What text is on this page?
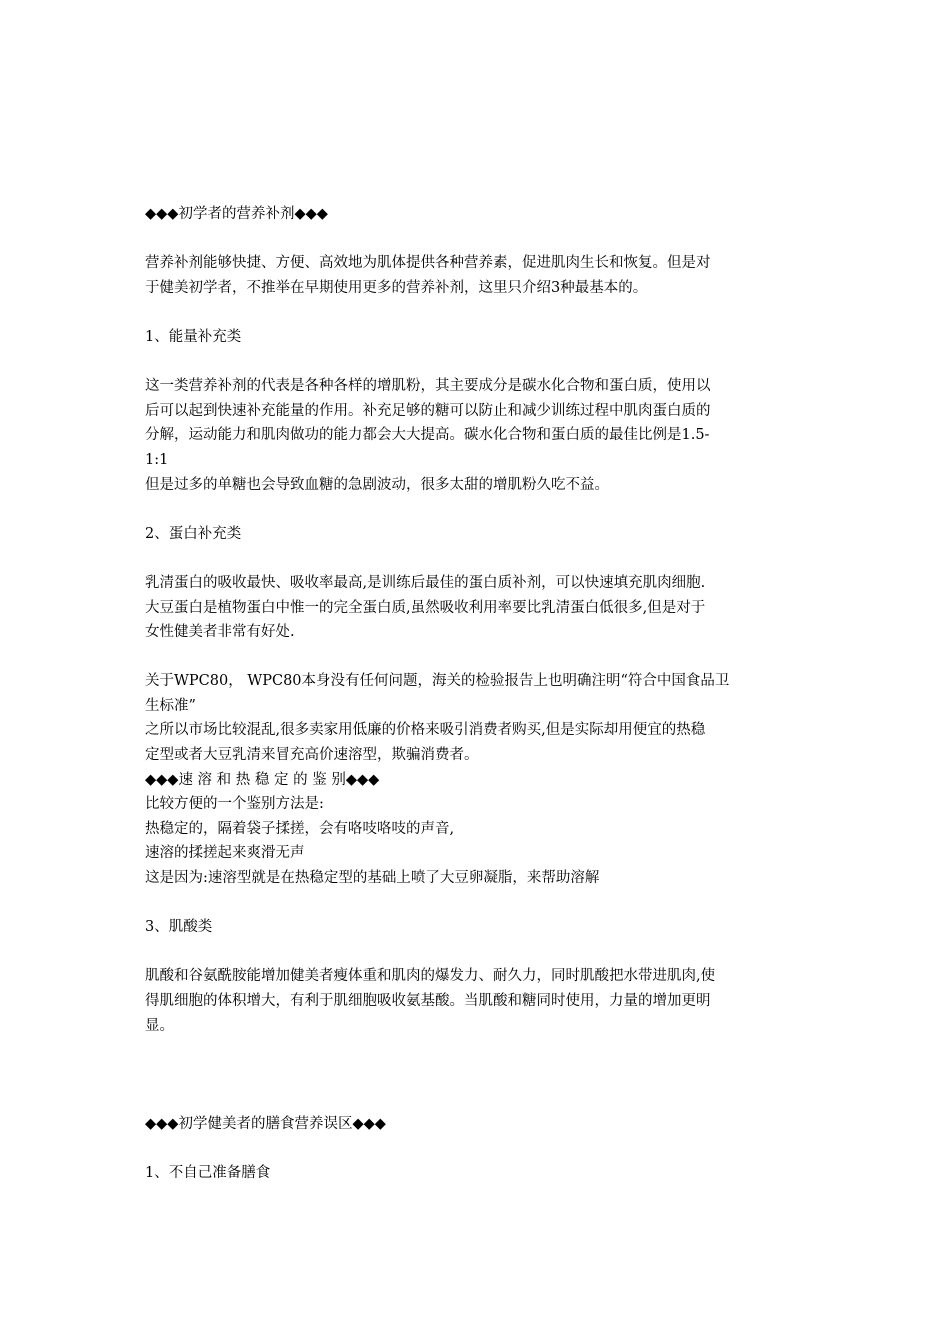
◆◆◆初学者的营养补剂◆◆◆
营养补剂能够快捷、方便、高效地为肌体提供各种营养素，促进肌肉生长和恢复。但是对
于健美初学者，不推举在早期使用更多的营养补剂，这里只介绍3种最基本的。
1、能量补充类
这一类营养补剂的代表是各种各样的增肌粉，其主要成分是碳水化合物和蛋白质，使用以
后可以起到快速补充能量的作用。补充足够的糖可以防止和减少训练过程中肌肉蛋白质的
分解，运动能力和肌肉做功的能力都会大大提高。碳水化合物和蛋白质的最佳比例是1.5-
1:1
但是过多的单糖也会导致血糖的急剧波动，很多太甜的增肌粉久吃不益。
2、蛋白补充类
乳清蛋白的吸收最快、吸收率最高,是训练后最佳的蛋白质补剂，可以快速填充肌肉细胞.
大豆蛋白是植物蛋白中惟一的完全蛋白质,虽然吸收利用率要比乳清蛋白低很多,但是对于
女性健美者非常有好处.
关于WPC80， WPC80本身没有任何问题，海关的检验报告上也明确注明“符合中国食品卫
生标准”
之所以市场比较混乱,很多卖家用低廉的价格来吸引消费者购买,但是实际却用便宜的热稳
定型或者大豆乳清来冒充高价速溶型，欺骗消费者。
◆◆◆速 溶 和 热 稳 定 的 鉴 别◆◆◆
比较方便的一个鉴别方法是:
热稳定的，隔着袋子揉搓，会有咯吱咯吱的声音,
速溶的揉搓起来爽滑无声
这是因为:速溶型就是在热稳定型的基础上喷了大豆卵凝脂，来帮助溶解
3、肌酸类
肌酸和谷氨酰胺能增加健美者瘦体重和肌肉的爆发力、耐久力，同时肌酸把水带进肌肉,使
得肌细胞的体积增大，有利于肌细胞吸收氨基酸。当肌酸和糖同时使用，力量的增加更明
显。
◆◆◆初学健美者的膳食营养误区◆◆◆
1、不自己准备膳食
